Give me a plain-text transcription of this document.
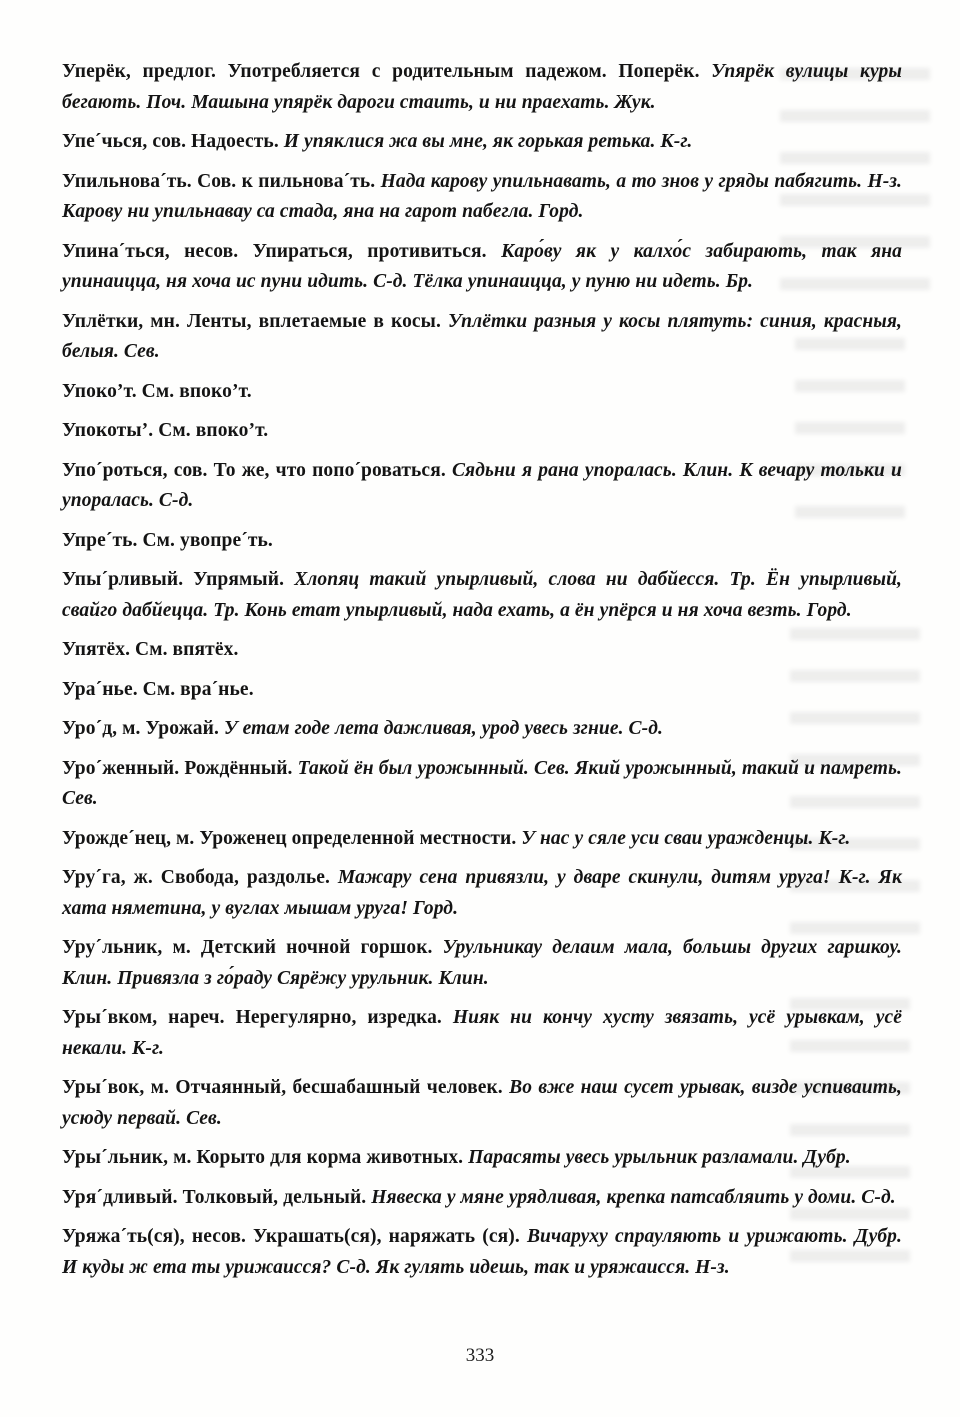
Уперёк, предлог. Употребляется с родительным падежом. Поперёк. Упярёк вулицы куры бегають. Поч. Машына упярёк дароги стаить, и ни праехать. Жук.

Упе´чься, сов. Надоесть. И упяклися жа вы мне, як горькая ретька. К-г.

Упильнова´ть. Сов. к пильнова´ть. Нада карову упильнавать, а то знов у гряды пабягить. Н-з. Карову ни упильнавау са стада, яна на гарот пабегла. Горд.

Упина´ться, несов. Упираться, противиться. Каро́ву як у калхо́с забирають, так яна упинаицца, ня хоча ис пуни идить. С-д. Тёлка упинаицца, у пуню ни идеть. Бр.

Уплётки, мн. Ленты, вплетаемые в косы. Уплётки разныя у косы плятуть: синия, красныя, белыя. Сев.

Упоко’т. См. впоко’т.

Упокоты’. См. впоко’т.

Упо´роться, сов. То же, что попо´роваться. Сядьни я рана упоралась. Клин. К вечару тольки и упоралась. С-д.

Упре´ть. См. увопре´ть.

Упы´рливый. Упрямый. Хлопяц такий упырливый, слова ни дабйесся. Тр. Ён упырливый, свайго дабйецца. Тр. Конь етат упырливый, нада ехать, а ён упёрся и ня хоча везть. Горд.

Упятёх. См. впятёх.

Ура´нье. См. вра´нье.

Уро´д, м. Урожай. У етам годе лета дажливая, урод увесь згние. С-д.

Уро´женный. Рождённый. Такой ён был урожынный. Сев. Який урожынный, такий и памреть. Сев.

Урожде´нец, м. Уроженец определенной местности. У нас у сяле уси сваи уражденцы. К-г.

Уру´га, ж. Свобода, раздолье. Мажару сена привязли, у дваре скинули, дитям уруга! К-г. Як хата няметина, у вуглах мышам уруга! Горд.

Уру´льник, м. Детский ночной горшок. Урульникау делаим мала, большы других гаршкоу. Клин. Привязла з го́раду Сярёжу урульник. Клин.

Уры´вком, нареч. Нерегулярно, изредка. Нияк ни кончу хусту звязать, усё урывкам, усё некали. К-г.

Уры´вок, м. Отчаянный, бесшабашный человек. Во вже наш сусет урывак, визде успиваить, усюду первай. Сев.

Уры´льник, м. Корыто для корма животных. Парасяты увесь урыльник разламали. Дубр.

Уря´дливый. Толковый, дельный. Нявеска у мяне урядливая, крепка патсабляить у доми. С-д.

Уряжа´ть(ся), несов. Украшать(ся), наряжать (ся). Вичаруху спрауляють и урижають. Дубр. И куды ж ета ты урижаисся? С-д. Як гулять идешь, так и уряжаисся. Н-з.

333
